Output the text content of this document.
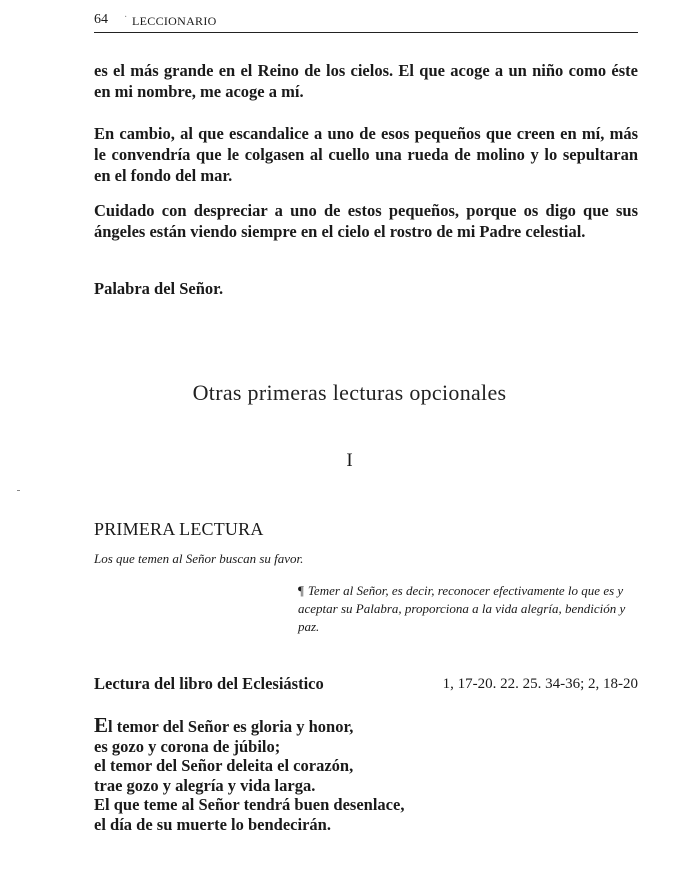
64 · LECCIONARIO

es el más grande en el Reino de los cielos. El que acoge a un niño como éste en mi nombre, me acoge a mí.

En cambio, al que escandalice a uno de esos pequeños que creen en mí, más le convendría que le colgasen al cuello una rueda de molino y lo sepultaran en el fondo del mar.

Cuidado con despreciar a uno de estos pequeños, porque os digo que sus ángeles están viendo siempre en el cielo el rostro de mi Padre celestial.

Palabra del Señor.

Otras primeras lecturas opcionales
I
PRIMERA LECTURA
Los que temen al Señor buscan su favor.

¶ Temer al Señor, es decir, reconocer efectivamente lo que es y aceptar su Palabra, proporciona a la vida alegría, bendición y paz.

Lectura del libro del Eclesiástico	1, 17-20. 22. 25. 34-36; 2, 18-20
El temor del Señor es gloria y honor,
es gozo y corona de júbilo;
el temor del Señor deleita el corazón,
trae gozo y alegría y vida larga.
El que teme al Señor tendrá buen desenlace,
el día de su muerte lo bendecirán.
